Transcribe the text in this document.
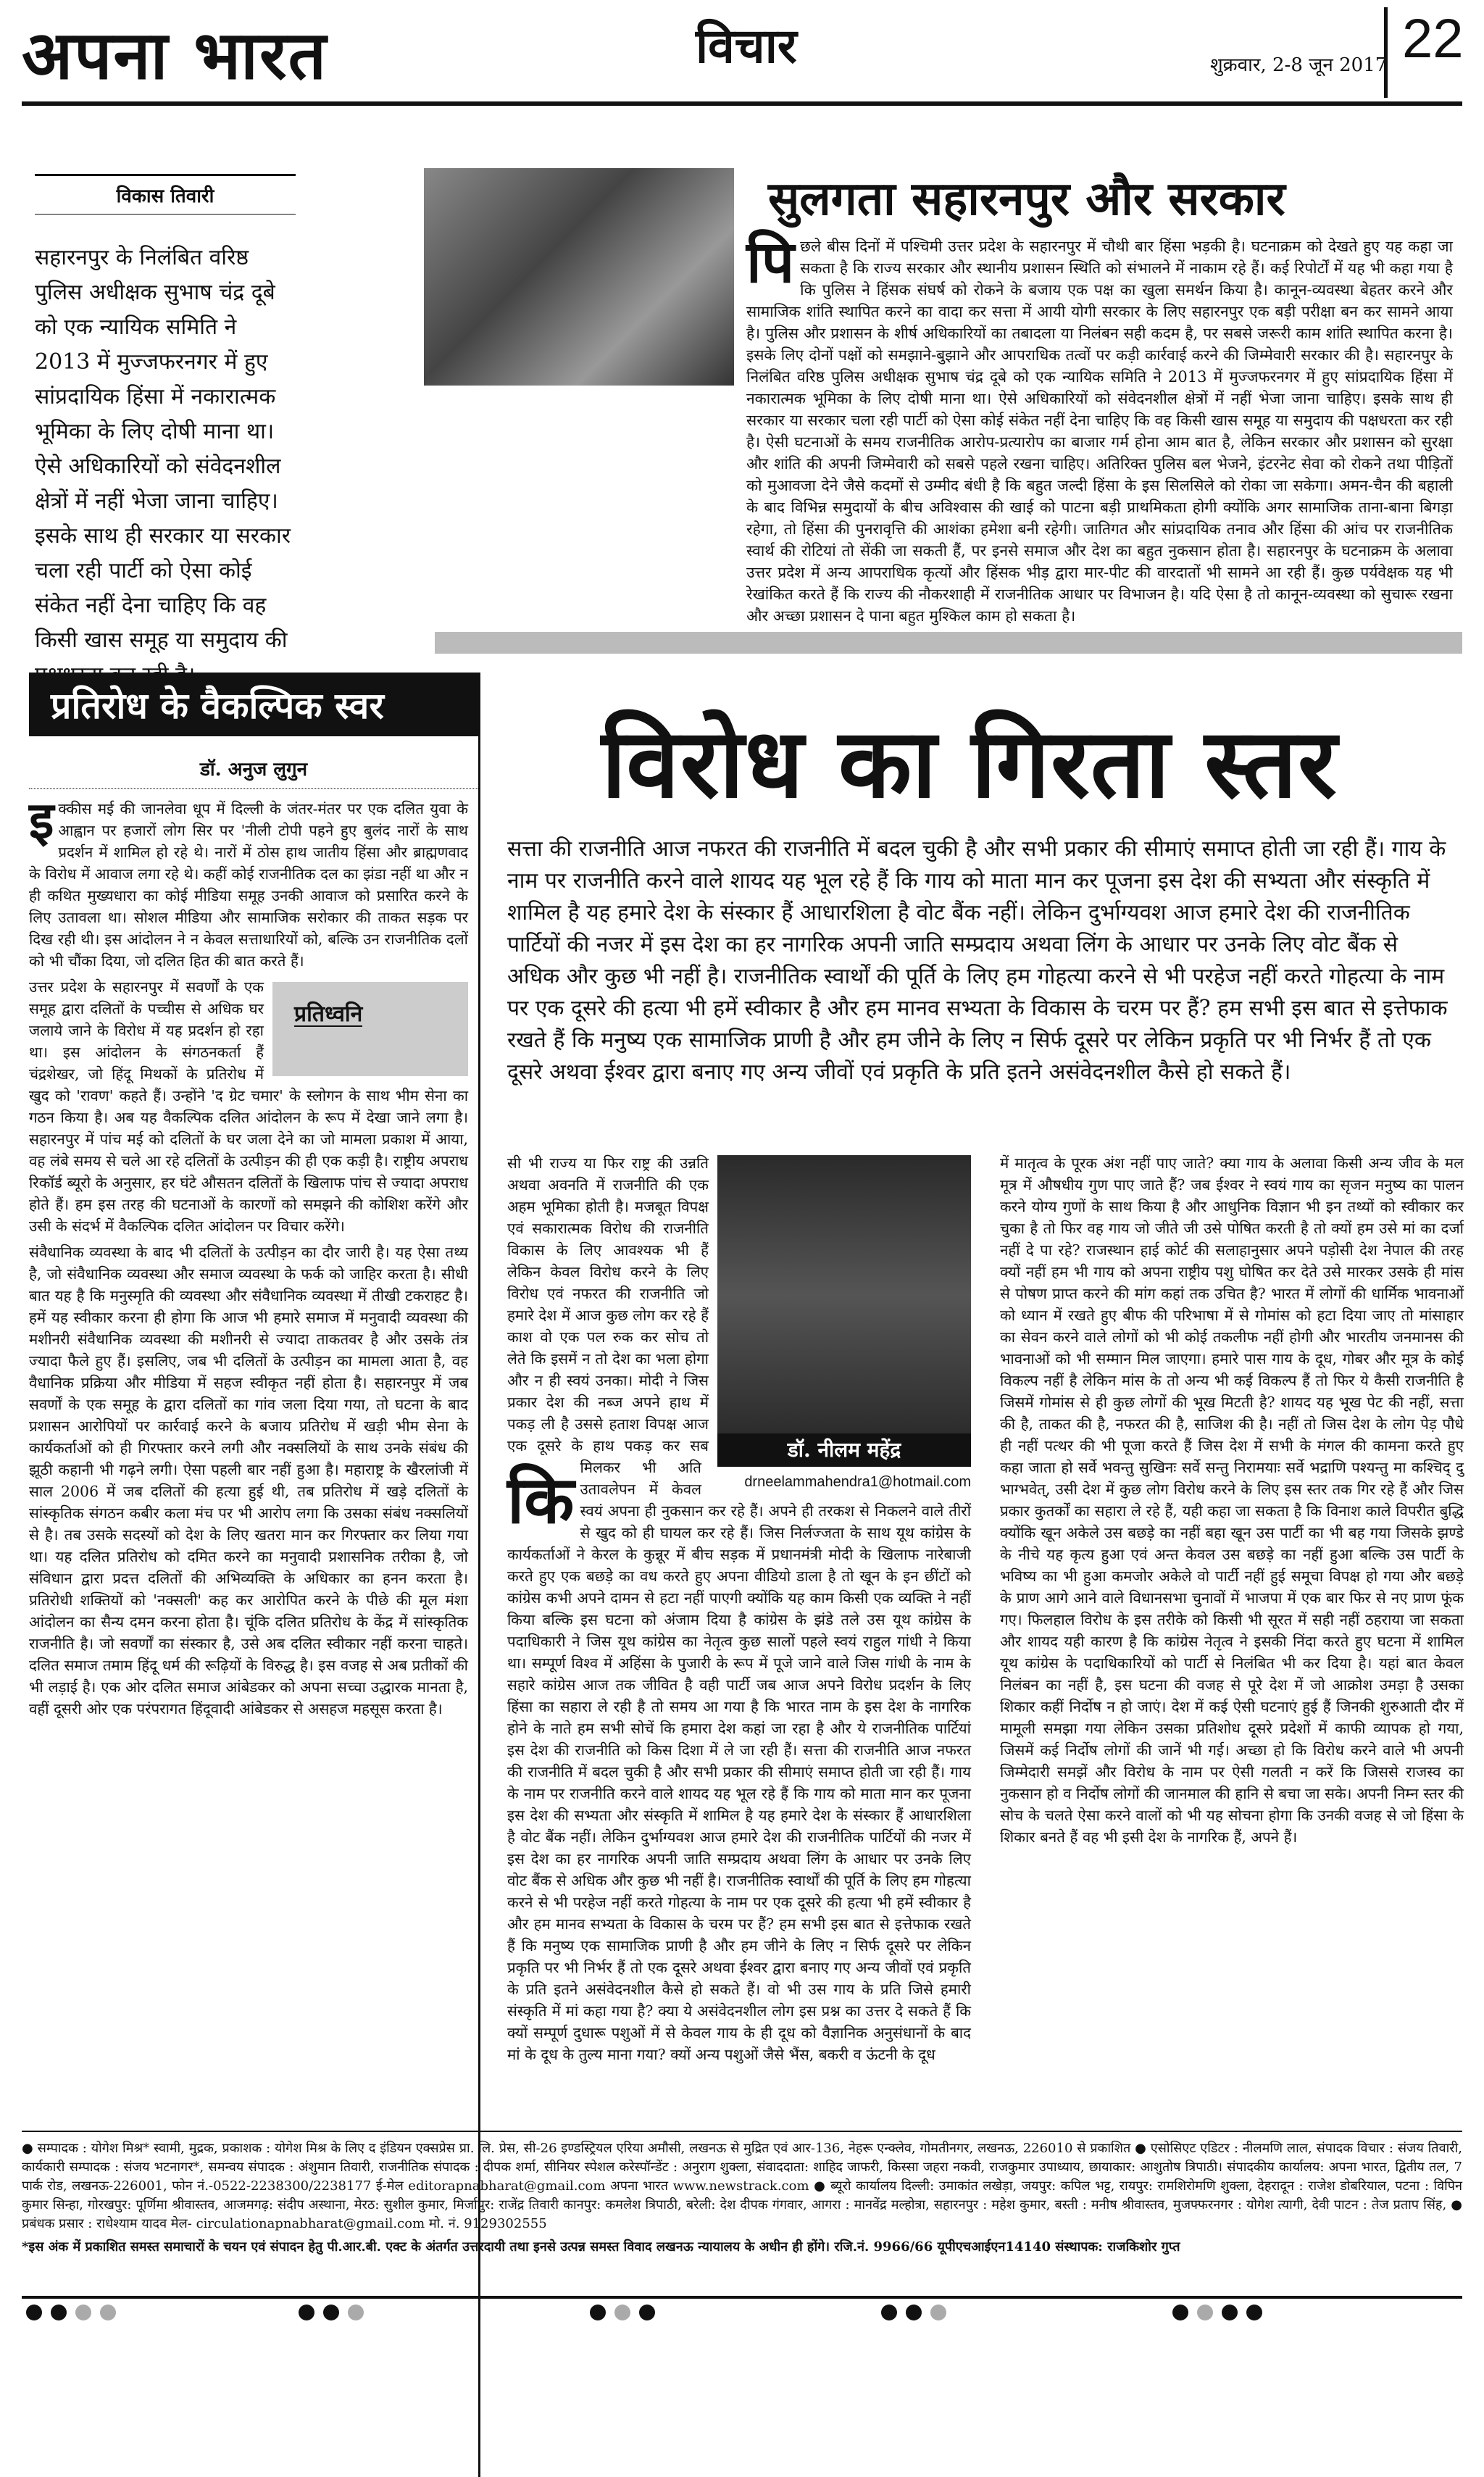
अपना भारत	विचार	शुक्रवार, 2-8 जून 2017 22
विकास तिवारी
सहारनपुर के निलंबित वरिष्ठ पुलिस अधीक्षक सुभाष चंद्र दूबे को एक न्यायिक समिति ने 2013 में मुज्जफरनगर में हुए सांप्रदायिक हिंसा में नकारात्मक भूमिका के लिए दोषी माना था। ऐसे अधिकारियों को संवेदनशील क्षेत्रों में नहीं भेजा जाना चाहिए। इसके साथ ही सरकार या सरकार चला रही पार्टी को ऐसा कोई संकेत नहीं देना चाहिए कि वह किसी खास समूह या समुदाय की
सुलगता सहारनपुर और सरकार
पि छले बीस दिनों में पश्चिमी उत्तर प्रदेश के सहारनपुर में चौथी बार हिंसा भड़की है। घटनाक्रम को देखते हुए यह कहा जा सकता है कि राज्य सरकार और स्थानीय प्रशासन स्थिति को संभालने में नाकाम रहे हैं। कई रिपोर्टों में यह भी कहा गया है कि पुलिस ने हिंसक संघर्ष को रोकने के बजाय एक पक्ष का खुला समर्थन किया है। कानून-व्यवस्था बेहतर करने और सामाजिक शांति स्थापित करने का वादा कर सत्ता में आयी योगी सरकार के लिए सहारनपुर एक बड़ी परीक्षा बन कर सामने आया है। पुलिस और प्रशासन के शीर्ष अधिकारियों का तबादला या निलंबन सही कदम है, पर सबसे जरूरी काम शांति स्थापित करना है। इसके लिए दोनों पक्षों को समझाने-बुझाने और आपराधिक तत्वों पर कड़ी कार्रवाई करने की जिम्मेवारी सरकार की है। सहारनपुर के निलंबित वरिष्ठ पुलिस अधीक्षक सुभाष चंद्र दूबे को एक न्यायिक समिति ने 2013 में मुज्जफरनगर में हुए सांप्रदायिक हिंसा में नकारात्मक भूमिका के लिए दोषी माना था। ऐसे अधिकारियों को संवेदनशील क्षेत्रों में नहीं भेजा जाना चाहिए। इसके साथ ही सरकार या सरकार चला रही पार्टी को ऐसा कोई संकेत नहीं देना चाहिए कि वह किसी खास समूह या समुदाय की पक्षधरता कर रही है। ऐसी घटनाओं के समय राजनीतिक आरोप-प्रत्यारोप का बाजार गर्म होना आम बात है, लेकिन सरकार और प्रशासन को सुरक्षा और शांति की अपनी जिम्मेवारी को सबसे पहले रखना चाहिए। अतिरिक्त पुलिस बल भेजने, इंटरनेट सेवा को रोकने तथा पीड़ितों को मुआवजा देने जैसे कदमों से उम्मीद बंधी है कि बहुत जल्दी हिंसा के इस सिलसिले को रोका जा सकेगा। अमन-चैन की बहाली के बाद विभिन्न समुदायों के बीच अविश्वास की खाई को पाटना बड़ी प्राथमिकता होगी क्योंकि अगर सामाजिक ताना-बाना बिगड़ा रहेगा, तो हिंसा की पुनरावृत्ति की आशंका हमेशा बनी रहेगी। जातिगत और सांप्रदायिक तनाव और हिंसा की आंच पर राजनीतिक स्वार्थ की रोटियां तो सेंकी जा सकती हैं, पर इनसे समाज और देश का बहुत नुकसान होता है। सहारनपुर के घटनाक्रम के अलावा उत्तर प्रदेश में अन्य आपराधिक कृत्यों और हिंसक भीड़ द्वारा मार-पीट की वारदातों भी सामने आ रही हैं। कुछ पर्यवेक्षक यह भी रेखांकित करते हैं कि राज्य की नौकरशाही में राजनीतिक आधार पर विभाजन है। यदि ऐसा है तो कानून-व्यवस्था को सुचारू रखना और अच्छा प्रशासन दे पाना बहुत मुश्किल काम हो सकता है।
प्रतिरोध के वैकल्पिक स्वर
डॉ. अनुज लुगुन

इक्कीस मई की जानलेवा धूप में दिल्ली के जंतर-मंतर पर एक दलित युवा के आह्वान पर हजारों लोग सिर पर 'नीली टोपी पहने हुए बुलंद नारों के साथ प्रदर्शन में शामिल हो रहे थे। नारों में ठोस हाथ जातीय हिंसा और ब्राह्मणवाद के विरोध में आवाज लगा रहे थे। कहीं कोई राजनीतिक दल का झंडा नहीं था और न ही कथित मुख्यधारा का कोई मीडिया समूह उनकी आवाज को प्रसारित करने के लिए उतावला था। सोशल मीडिया और सामाजिक सरोकार की ताकत सड़क पर दिख रही थी। इस आंदोलन ने न केवल सत्ताधारियों को, बल्कि उन राजनीतिक दलों को भी चौंका दिया, जो दलित हित की बात करते हैं।

प्रतिध्वनि

उत्तर प्रदेश के सहारनपुर में सवर्णों के एक समूह द्वारा दलितों के पच्चीस से अधिक घर जलाये जाने के विरोध में यह प्रदर्शन हो रहा था। इस आंदोलन के संगठनकर्ता हैं चंद्रशेखर, जो हिंदू मिथकों के प्रतिरोध में खुद को 'रावण' कहते हैं। उन्होंने 'द ग्रेट चमार' के स्लोगन के साथ भीम सेना का गठन किया है। अब यह वैकल्पिक दलित आंदोलन के रूप में देखा जाने लगा है। सहारनपुर में पांच मई को दलितों के घर जला देने का जो मामला प्रकाश में आया, वह लंबे समय से चले आ रहे दलितों के उत्पीड़न की ही एक कड़ी है। राष्ट्रीय अपराध रिकॉर्ड ब्यूरो के अनुसार, हर घंटे औसतन दलितों के खिलाफ पांच से ज्यादा अपराध होते हैं। हम इस तरह की घटनाओं के कारणों को समझने की कोशिश करेंगे और उसी के संदर्भ में वैकल्पिक दलित आंदोलन पर विचार करेंगे।

संवैधानिक व्यवस्था के बाद भी दलितों के उत्पीड़न का दौर जारी है। यह ऐसा तथ्य है, जो संवैधानिक व्यवस्था और समाज व्यवस्था के फर्क को जाहिर करता है। सीधी बात यह है कि मनुस्मृति की व्यवस्था और संवैधानिक व्यवस्था में तीखी टकराहट है। हमें यह स्वीकार करना ही होगा कि आज भी हमारे समाज में मनुवादी व्यवस्था की मशीनरी संवैधानिक व्यवस्था की मशीनरी से ज्यादा ताकतवर है और उसके तंत्र ज्यादा फैले हुए हैं। इसलिए, जब भी दलितों के उत्पीड़न का मामला आता है, वह वैधानिक प्रक्रिया और मीडिया में सहज स्वीकृत नहीं होता है। सहारनपुर में जब सवर्णों के एक समूह के द्वारा दलितों का गांव जला दिया गया, तो घटना के बाद प्रशासन आरोपियों पर कार्रवाई करने के बजाय प्रतिरोध में खड़ी भीम सेना के कार्यकर्ताओं को ही गिरफ्तार करने लगी और नक्सलियों के साथ उनके संबंध की झूठी कहानी भी गढ़ने लगी। ऐसा पहली बार नहीं हुआ है। महाराष्ट्र के खैरलांजी में साल 2006 में जब दलितों की हत्या हुई थी, तब प्रतिरोध में खड़े दलितों के सांस्कृतिक संगठन कबीर कला मंच पर भी आरोप लगा कि उसका संबंध नक्सलियों से है। तब उसके सदस्यों को देश के लिए खतरा मान कर गिरफ्तार कर लिया गया था। यह दलित प्रतिरोध को दमित करने का मनुवादी प्रशासनिक तरीका है, जो संविधान द्वारा प्रदत्त दलितों की अभिव्यक्ति के अधिकार का हनन करता है। प्रतिरोधी शक्तियों को 'नक्सली' कह कर आरोपित करने के पीछे की मूल मंशा आंदोलन का सैन्य दमन करना होता है। चूंकि दलित प्रतिरोध के केंद्र में सांस्कृतिक राजनीति है। जो सवर्णों का संस्कार है, उसे अब दलित स्वीकार नहीं करना चाहते। दलित समाज तमाम हिंदू धर्म की रूढ़ियों के विरुद्ध है। इस वजह से अब प्रतीकों की भी लड़ाई है। एक ओर दलित समाज आंबेडकर को अपना सच्चा उद्धारक मानता है, वहीं दूसरी ओर एक परंपरागत हिंदूवादी आंबेडकर से असहज महसूस करता है।

विरोध का गिरता स्तर
सत्ता की राजनीति आज नफरत की राजनीति में बदल चुकी है और सभी प्रकार की सीमाएं समाप्त होती जा रही हैं। गाय के नाम पर राजनीति करने वाले शायद यह भूल रहे हैं कि गाय को माता मान कर पूजना इस देश की सभ्यता और संस्कृति में शामिल है यह हमारे देश के संस्कार हैं आधारशिला है वोट बैंक नहीं। लेकिन दुर्भाग्यवश आज हमारे देश की राजनीतिक पार्टियों की नजर में इस देश का हर नागरिक अपनी जाति सम्प्रदाय अथवा लिंग के आधार पर उनके लिए वोट बैंक से अधिक और कुछ भी नहीं है। राजनीतिक स्वार्थों की पूर्ति के लिए हम गोहत्या करने से भी परहेज नहीं करते गोहत्या के नाम पर एक दूसरे की हत्या भी हमें स्वीकार है और हम मानव सभ्यता के विकास के चरम पर हैं? हम सभी इस बात से इत्तेफाक रखते हैं कि मनुष्य एक सामाजिक प्राणी है और हम जीने के लिए न सिर्फ दूसरे पर लेकिन प्रकृति पर भी निर्भर हैं तो एक दूसरे अथवा ईश्वर द्वारा बनाए गए अन्य जीवों एवं प्रकृति के प्रति इतने असंवेदनशील कैसे हो सकते हैं।
डॉ. नीलम महेंद्र
drneelammahendra1@hotmail.com
कि
सी भी राज्य या फिर राष्ट्र की उन्नति अथवा अवनति में राजनीति की एक अहम भूमिका होती है। मजबूत विपक्ष एवं सकारात्मक विरोध की राजनीति विकास के लिए आवश्यक भी हैं लेकिन केवल विरोध करने के लिए विरोध एवं नफरत की राजनीति जो हमारे देश में आज कुछ लोग कर रहे हैं काश वो एक पल रुक कर सोच तो लेते कि इसमें न तो देश का भला होगा और न ही स्वयं उनका। मोदी ने जिस प्रकार देश की नब्ज अपने हाथ में पकड़ ली है उससे हताश विपक्ष आज एक दूसरे के हाथ पकड़ कर सब मिलकर भी अति उतावलेपन में केवल स्वयं अपना ही नुकसान कर रहे हैं। अपने ही तरकश से निकलने वाले तीरों से खुद को ही घायल कर रहे हैं। जिस निर्लज्जता के साथ यूथ कांग्रेस के कार्यकर्ताओं ने केरल के कुन्नूर में बीच सड़क में प्रधानमंत्री मोदी के खिलाफ नारेबाजी करते हुए एक बछड़े का वध करते हुए अपना वीडियो डाला है तो खून के इन छींटों को कांग्रेस कभी अपने दामन से हटा नहीं पाएगी क्योंकि यह काम किसी एक व्यक्ति ने नहीं किया बल्कि इस घटना को अंजाम दिया है कांग्रेस के झंडे तले उस यूथ कांग्रेस के पदाधिकारी ने जिस यूथ कांग्रेस का नेतृत्व कुछ सालों पहले स्वयं राहुल गांधी ने किया था। सम्पूर्ण विश्व में अहिंसा के पुजारी के रूप में पूजे जाने वाले जिस गांधी के नाम के सहारे कांग्रेस आज तक जीवित है वही पार्टी जब आज अपने विरोध प्रदर्शन के लिए हिंसा का सहारा ले रही है तो समय आ गया है कि भारत नाम के इस देश के नागरिक होने के नाते हम सभी सोचें कि हमारा देश कहां जा रहा है और ये राजनीतिक पार्टियां इस देश की राजनीति को किस दिशा में ले जा रही हैं। सत्ता की राजनीति आज नफरत की राजनीति में बदल चुकी है और सभी प्रकार की सीमाएं समाप्त होती जा रही हैं। गाय के नाम पर राजनीति करने वाले शायद यह भूल रहे हैं कि गाय को माता मान कर पूजना इस देश की सभ्यता और संस्कृति में शामिल है यह हमारे देश के संस्कार हैं आधारशिला है वोट बैंक नहीं। लेकिन दुर्भाग्यवश आज हमारे देश की राजनीतिक पार्टियों की नजर में इस देश का हर नागरिक अपनी जाति सम्प्रदाय अथवा लिंग के आधार पर उनके लिए वोट बैंक से अधिक और कुछ भी नहीं है। राजनीतिक स्वार्थों की पूर्ति के लिए हम गोहत्या करने से भी परहेज नहीं करते गोहत्या के नाम पर एक दूसरे की हत्या भी हमें स्वीकार है और हम मानव सभ्यता के विकास के चरम पर हैं? हम सभी इस बात से इत्तेफाक रखते हैं कि मनुष्य एक सामाजिक प्राणी है और हम जीने के लिए न सिर्फ दूसरे पर लेकिन प्रकृति पर भी निर्भर हैं तो एक दूसरे अथवा ईश्वर द्वारा बनाए गए अन्य जीवों एवं प्रकृति के प्रति इतने असंवेदनशील कैसे हो सकते हैं। वो भी उस गाय के प्रति जिसे हमारी संस्कृति में मां कहा गया है? क्या ये असंवेदनशील लोग इस प्रश्न का उत्तर दे सकते हैं कि क्यों सम्पूर्ण दुधारू पशुओं में से केवल गाय के ही दूध को वैज्ञानिक अनुसंधानों के बाद मां के दूध के तुल्य माना गया? क्यों अन्य पशुओं जैसे भैंस, बकरी व ऊंटनी के दूध
में मातृत्व के पूरक अंश नहीं पाए जाते? क्या गाय के अलावा किसी अन्य जीव के मल मूत्र में औषधीय गुण पाए जाते हैं? जब ईश्वर ने स्वयं गाय का सृजन मनुष्य का पालन करने योग्य गुणों के साथ किया है और आधुनिक विज्ञान भी इन तथ्यों को स्वीकार कर चुका है तो फिर वह गाय जो जीते जी उसे पोषित करती है तो क्यों हम उसे मां का दर्जा नहीं दे पा रहे? राजस्थान हाई कोर्ट की सलाहानुसार अपने पड़ोसी देश नेपाल की तरह क्यों नहीं हम भी गाय को अपना राष्ट्रीय पशु घोषित कर देते उसे मारकर उसके ही मांस से पोषण प्राप्त करने की मांग कहां तक उचित है? भारत में लोगों की धार्मिक भावनाओं को ध्यान में रखते हुए बीफ की परिभाषा में से गोमांस को हटा दिया जाए तो मांसाहार का सेवन करने वाले लोगों को भी कोई तकलीफ नहीं होगी और भारतीय जनमानस की भावनाओं को भी सम्मान मिल जाएगा। हमारे पास गाय के दूध, गोबर और मूत्र के कोई विकल्प नहीं है लेकिन मांस के तो अन्य भी कई विकल्प हैं तो फिर ये कैसी राजनीति है जिसमें गोमांस से ही कुछ लोगों की भूख मिटती है? शायद यह भूख पेट की नहीं, सत्ता की है, ताकत की है, नफरत की है, साजिश की है। नहीं तो जिस देश के लोग पेड़ पौधे ही नहीं पत्थर की भी पूजा करते हैं जिस देश में सभी के मंगल की कामना करते हुए कहा जाता हो सर्वे भवन्तु सुखिनः सर्वे सन्तु निरामयाः सर्वे भद्राणि पश्यन्तु मा कश्चिद् दु भाग्भवेत्, उसी देश में कुछ लोग विरोध करने के लिए इस स्तर तक गिर रहे हैं और जिस प्रकार कुतर्कों का सहारा ले रहे हैं, यही कहा जा सकता है कि विनाश काले विपरीत बुद्धि क्योंकि खून अकेले उस बछड़े का नहीं बहा खून उस पार्टी का भी बह गया जिसके झण्डे के नीचे यह कृत्य हुआ एवं अन्त केवल उस बछड़े का नहीं हुआ बल्कि उस पार्टी के भविष्य का भी हुआ कमजोर अकेले वो पार्टी नहीं हुई समूचा विपक्ष हो गया और बछड़े के प्राण आगे आने वाले विधानसभा चुनावों में भाजपा में एक बार फिर से नए प्राण फूंक गए। फिलहाल विरोध के इस तरीके को किसी भी सूरत में सही नहीं ठहराया जा सकता और शायद यही कारण है कि कांग्रेस नेतृत्व ने इसकी निंदा करते हुए घटना में शामिल यूथ कांग्रेस के पदाधिकारियों को पार्टी से निलंबित भी कर दिया है। यहां बात केवल निलंबन का नहीं है, इस घटना की वजह से पूरे देश में जो आक्रोश उमड़ा है उसका शिकार कहीं निर्दोष न हो जाएं। देश में कई ऐसी घटनाएं हुई हैं जिनकी शुरुआती दौर में मामूली समझा गया लेकिन उसका प्रतिशोध दूसरे प्रदेशों में काफी व्यापक हो गया, जिसमें कई निर्दोष लोगों की जानें भी गई। अच्छा हो कि विरोध करने वाले भी अपनी जिम्मेदारी समझें और विरोध के नाम पर ऐसी गलती न करें कि जिससे राजस्व का नुकसान हो व निर्दोष लोगों की जानमाल की हानि से बचा जा सके। अपनी निम्न स्तर की सोच के चलते ऐसा करने वालों को भी यह सोचना होगा कि उनकी वजह से जो हिंसा के शिकार बनते हैं वह भी इसी देश के नागरिक हैं, अपने हैं।
● सम्पादक : योगेश मिश्र* स्वामी, मुद्रक, प्रकाशक : योगेश मिश्र के लिए द इंडियन एक्सप्रेस प्रा. लि. प्रेस, सी-26 इण्डस्ट्रियल एरिया अमौसी, लखनऊ से मुद्रित एवं आर-136, नेहरू एन्क्लेव, गोमतीनगर, लखनऊ, 226010 से प्रकाशित ● एसोसिएट एडिटर : नीलमणि लाल, संपादक विचार : संजय तिवारी, कार्यकारी सम्पादक : संजय भटनागर*, समन्वय संपादक : अंशुमान तिवारी, राजनीतिक संपादक : दीपक शर्मा, सीनियर स्पेशल करेस्पॉन्डेंट : अनुराग शुक्ला, संवाददाता: शाहिद जाफरी, किस्सा जहरा नकवी, राजकुमार उपाध्याय, छायाकार: आशुतोष त्रिपाठी। संपादकीय कार्यालय: अपना भारत, द्वितीय तल, 7 पार्क रोड, लखनऊ-226001, फोन नं.-0522-2238300/2238177 ई-मेल editorapnabharat@gmail.com अपना भारत www.newstrack.com ● ब्यूरो कार्यालय दिल्ली: उमाकांत लखेड़ा, जयपुर: कपिल भट्ट, रायपुर: रामशिरोमणि शुक्ला, देहरादून : राजेश डोबरियाल, पटना : विपिन कुमार सिन्हा, गोरखपुर: पूर्णिमा श्रीवास्तव, आजमगढ़: संदीप अस्थाना, मेरठ: सुशील कुमार, मिर्जापुर: राजेंद्र तिवारी कानपुर: कमलेश त्रिपाठी, बरेली: देश दीपक गंगवार, आगरा : मानवेंद्र मल्होत्रा, सहारनपुर : महेश कुमार, बस्ती : मनीष श्रीवास्तव, मुजफ्फरनगर : योगेश त्यागी, देवी पाटन : तेज प्रताप सिंह, ● प्रबंधक प्रसार : राधेश्याम यादव मेल- circulationapnabharat@gmail.com मो. नं. 9129302555
*इस अंक में प्रकाशित समस्त समाचारों के चयन एवं संपादन हेतु पी.आर.बी. एक्ट के अंतर्गत उत्तरदायी तथा इनसे उत्पन्न समस्त विवाद लखनऊ न्यायालय के अधीन ही होंगे। रजि.नं. 9966/66 यूपीएचआईएन14140 संस्थापक: राजकिशोर गुप्त
